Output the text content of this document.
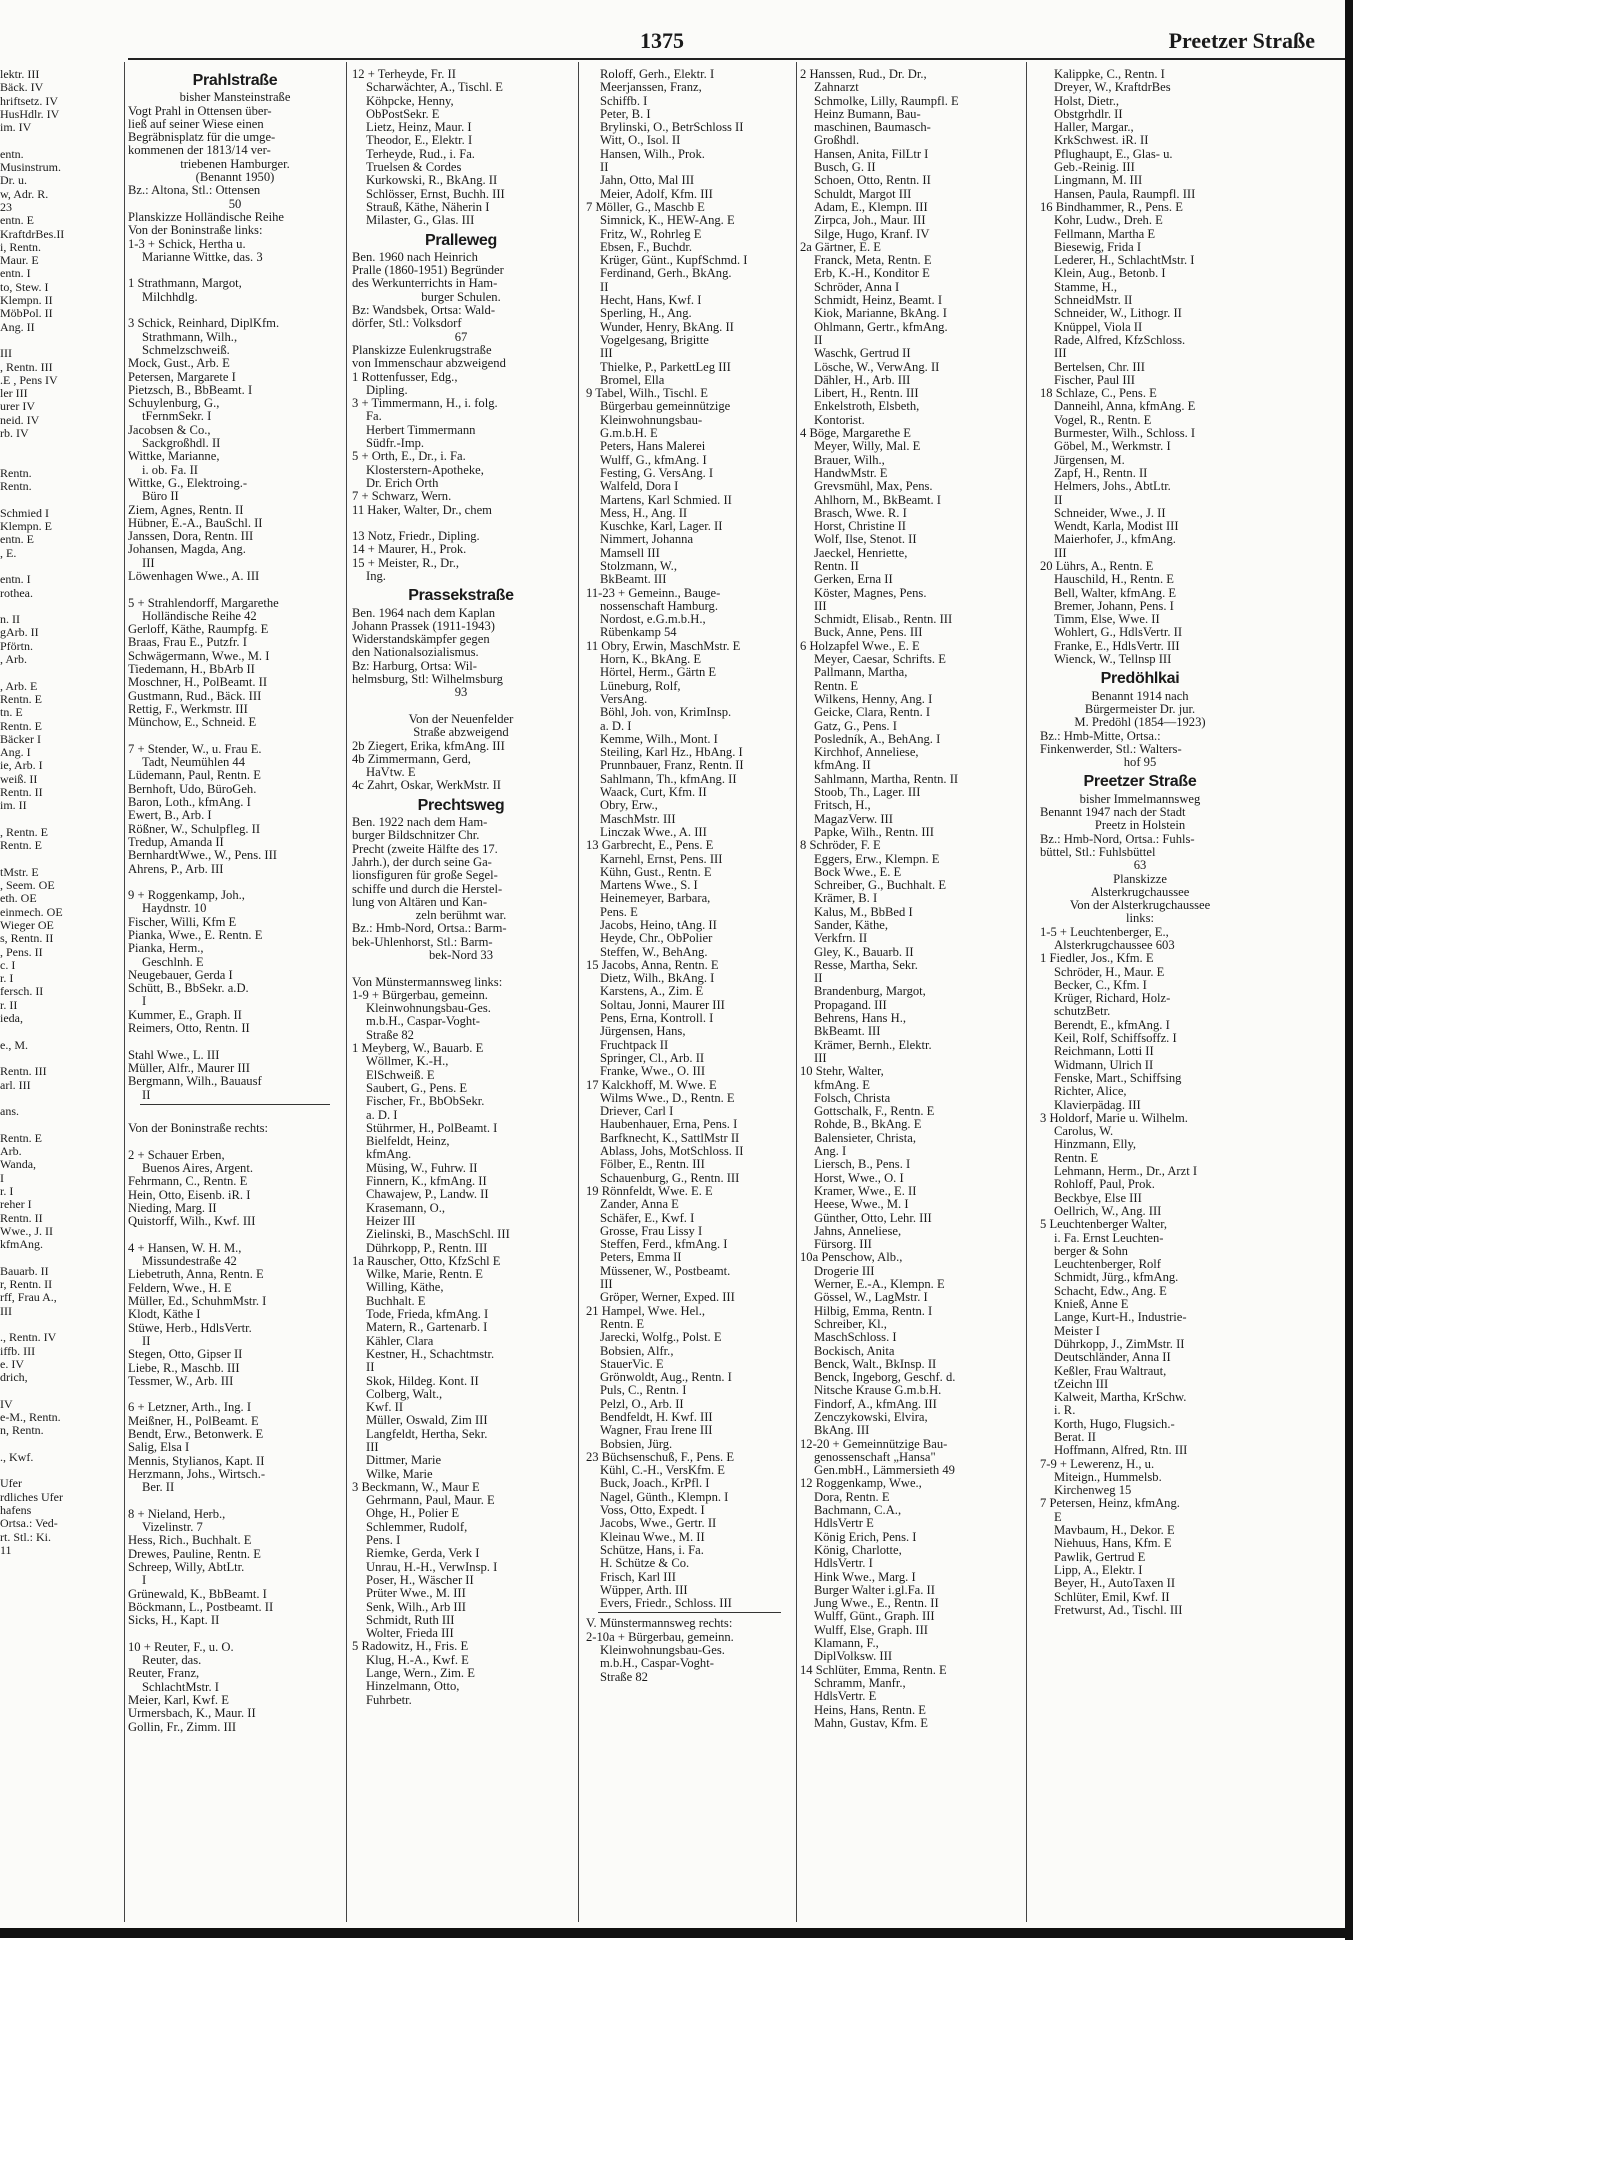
1375	Preetzer Straße
lektr. III
Bäck. IV
hriftsetz. IV
HusHdlr. IV
im. IV

entn.
Musinstrum.
Dr. u.
w, Adr. R.
23
entn. E
KraftdrBes.II
i, Rentn.
Maur. E
entn. I
to, Stew. I
Klempn. II
MöbPol. II
Ang. II

III
, Rentn. III
.E , Pens IV
ler III
urer IV
neid. IV
rb. IV

Rentn.
Rentn.

Schmied I
Klempn. E
entn. E
, E.

entn. I
rothea.

n. II
gArb. II
Pförtn.
, Arb.

, Arb. E
Rentn. E
tn. E
Rentn. E
Bäcker I
Ang. I
ie, Arb. I
weiß. II
Rentn. II
im. II

, Rentn. E
Rentn. E

tMstr. E
, Seem. OE
eth. OE
einmech. OE
Wieger OE
s, Rentn. II
, Pens. II
c. I
r. I
fersch. II
r. II
ieda,

e., M.

Rentn. III
arl. III

ans.

Rentn. E
Arb.
Wanda,
I
r. I
reher I
Rentn. II
Wwe., J. II
kfmAng.

Bauarb. II
r, Rentn. II
rff, Frau A.,
III

., Rentn. IV
iffb. III
e. IV
drich,

IV
e-M., Rentn.
n, Rentn.

., Kwf.

Ufer
rdliches Ufer
hafens
Ortsa.: Ved-
rt. Stl.: Ki.
11
Prahlstraße
bisher Mansteinstraße
Vogt Prahl in Ottensen über-
ließ auf seiner Wiese einen
Begräbnisplatz für die umge-
kommenen der 1813/14 ver-
triebenen Hamburger.
(Benannt 1950)
Bz.: Altona, Stl.: Ottensen
50
Planskizze Holländische Reihe
Von der Boninstraße links:
1-3 + Schick, Hertha u.
Marianne Wittke, das. 3

1 Strathmann, Margot,
Milchhdlg.

3 Schick, Reinhard, DiplKfm.
Strathmann, Wilh.,
Schmelzschweiß.
Mock, Gust., Arb. E
Petersen, Margarete I
Pietzsch, B., BbBeamt. I
Schuylenburg, G.,
tFernmSekr. I
Jacobsen & Co.,
Sackgroßhdl. II
Wittke, Marianne,
i. ob. Fa. II
Wittke, G., Elektroing.-
Büro II
Ziem, Agnes, Rentn. II
Hübner, E.-A., BauSchl. II
Janssen, Dora, Rentn. III
Johansen, Magda, Ang.
III
Löwenhagen Wwe., A. III

5 + Strahlendorff, Margarethe
Holländische Reihe 42
Gerloff, Käthe, Raumpfg. E
Braas, Frau E., Putzfr. I
Schwägermann, Wwe., M. I
Tiedemann, H., BbArb II
Moschner, H., PolBeamt. II
Gustmann, Rud., Bäck. III
Rettig, F., Werkmstr. III
Münchow, E., Schneid. E

7 + Stender, W., u. Frau E.
Tadt, Neumühlen 44
Lüdemann, Paul, Rentn. E
Bernhoft, Udo, BüroGeh.
Baron, Loth., kfmAng. I
Ewert, B., Arb. I
Rößner, W., Schulpfleg. II
Tredup, Amanda II
BernhardtWwe., W., Pens. III
Ahrens, P., Arb. III

9 + Roggenkamp, Joh.,
Haydnstr. 10
Fischer, Willi, Kfm E
Pianka, Wwe., E. Rentn. E
Pianka, Herm.,
Geschlnh. E
Neugebauer, Gerda I
Schütt, B., BbSekr. a.D.
I
Kummer, E., Graph. II
Reimers, Otto, Rentn. II

Stahl Wwe., L. III
Müller, Alfr., Maurer III
Bergmann, Wilh., Bauausf
II

Von der Boninstraße rechts:

2 + Schauer Erben,
Buenos Aires, Argent.
Fehrmann, C., Rentn. E
Hein, Otto, Eisenb. iR. I
Nieding, Marg. II
Quistorff, Wilh., Kwf. III

4 + Hansen, W. H. M.,
Missundestraße 42
Liebetruth, Anna, Rentn. E
Feldern, Wwe., H. E
Müller, Ed., SchuhmMstr. I
Klodt, Käthe I
Stüwe, Herb., HdlsVertr.
II
Stegen, Otto, Gipser II
Liebe, R., Maschb. III
Tessmer, W., Arb. III

6 + Letzner, Arth., Ing. I
Meißner, H., PolBeamt. E
Bendt, Erw., Betonwerk. E
Salig, Elsa I
Mennis, Stylianos, Kapt. II
Herzmann, Johs., Wirtsch.-
Ber. II

8 + Nieland, Herb.,
Vizelinstr. 7
Hess, Rich., Buchhalt. E
Drewes, Pauline, Rentn. E
Schreep, Willy, AbtLtr.
I
Grünewald, K., BbBeamt. I
Böckmann, L., Postbeamt. II
Sicks, H., Kapt. II

10 + Reuter, F., u. O.
Reuter, das.
Reuter, Franz,
SchlachtMstr. I
Meier, Karl, Kwf. E
Urmersbach, K., Maur. II
Gollin, Fr., Zimm. III
12 + Terheyde, Fr. II
Scharwächter, A., Tischl. E
Köhpcke, Henny,
ObPostSekr. E
Lietz, Heinz, Maur. I
Theodor, E., Elektr. I
Terheyde, Rud., i. Fa.
Truelsen & Cordes
Kurkowski, R., BkAng. II
Schlösser, Ernst, Buchh. III
Strauß, Käthe, Näherin I
Milaster, G., Glas. III
Pralleweg
Ben. 1960 nach Heinrich
Pralle (1860-1951) Begründer
des Werkunterrichts in Ham-
burger Schulen.
Bz: Wandsbek, Ortsa: Wald-
dörfer, Stl.: Volksdorf
67
Planskizze Eulenkrugstraße
von Immenschaur abzweigend
1 Rottenfusser, Edg.,
Dipling.
3 + Timmermann, H., i. folg.
Fa.
Herbert Timmermann
Südfr.-Imp.
5 + Orth, E., Dr., i. Fa.
Klosterstern-Apotheke,
Dr. Erich Orth
7 + Schwarz, Wern.
11 Haker, Walter, Dr., chem

13 Notz, Friedr., Dipling.
14 + Maurer, H., Prok.
15 + Meister, R., Dr.,
Ing.
Prassekstraße
Ben. 1964 nach dem Kaplan
Johann Prassek (1911-1943)
Widerstandskämpfer gegen
den Nationalsozialismus.
Bz: Harburg, Ortsa: Wil-
helmsburg, Stl: Wilhelmsburg
93

Von der Neuenfelder
Straße abzweigend
2b Ziegert, Erika, kfmAng. III
4b Zimmermann, Gerd,
HaVtw. E
4c Zahrt, Oskar, WerkMstr. II
Prechtsweg
Ben. 1922 nach dem Ham-
burger Bildschnitzer Chr.
Precht (zweite Hälfte des 17.
Jahrh.), der durch seine Ga-
lionsfiguren für große Segel-
schiffe und durch die Herstel-
lung von Altären und Kan-
zeln berühmt war.
Bz.: Hmb-Nord, Ortsa.: Barm-
bek-Uhlenhorst, Stl.: Barm-
bek-Nord 33

Von Münstermannsweg links:
1-9 + Bürgerbau, gemeinn.
Kleinwohnungsbau-Ges.
m.b.H., Caspar-Voght-
Straße 82
1 Meyberg, W., Bauarb. E
Wöllmer, K.-H.,
ElSchweiß. E
Saubert, G., Pens. E
Fischer, Fr., BbObSekr.
a. D. I
Stührmer, H., PolBeamt. I
Bielfeldt, Heinz,
kfmAng.
Müsing, W., Fuhrw. II
Finnern, K., kfmAng. II
Chawajew, P., Landw. II
Krasemann, O.,
Heizer III
Zielinski, B., MaschSchl. III
Dührkopp, P., Rentn. III
1a Rauscher, Otto, KfzSchl E
Wilke, Marie, Rentn. E
Willing, Käthe,
Buchhalt. E
Tode, Frieda, kfmAng. I
Matern, R., Gartenarb. I
Kähler, Clara
Kestner, H., Schachtmstr.
II
Skok, Hildeg. Kont. II
Colberg, Walt.,
Kwf. II
Müller, Oswald, Zim III
Langfeldt, Hertha, Sekr.
III
Dittmer, Marie
Wilke, Marie
3 Beckmann, W., Maur E
Gehrmann, Paul, Maur. E
Ohge, H., Polier E
Schlemmer, Rudolf,
Pens. I
Riemke, Gerda, Verk I
Unrau, H.-H., VerwInsp. I
Poser, H., Wäscher II
Prüter Wwe., M. III
Senk, Wilh., Arb III
Schmidt, Ruth III
Wolter, Frieda III
5 Radowitz, H., Fris. E
Klug, H.-A., Kwf. E
Lange, Wern., Zim. E
Hinzelmann, Otto,
Fuhrbetr.
Roloff, Gerh., Elektr. I
Meerjanssen, Franz,
Schiffb. I
Peter, B. I
Brylinski, O., BetrSchloss II
Witt, O., Isol. II
Hansen, Wilh., Prok.
II
Jahn, Otto, Mal III
Meier, Adolf, Kfm. III
7 Möller, G., Maschb E
Simnick, K., HEW-Ang. E
Fritz, W., Rohrleg E
Ebsen, F., Buchdr.
Krüger, Günt., KupfSchmd. I
Ferdinand, Gerh., BkAng.
II
Hecht, Hans, Kwf. I
Sperling, H., Ang.
Wunder, Henry, BkAng. II
Vogelgesang, Brigitte
III
Thielke, P., ParkettLeg III
Bromel, Ella
9 Tabel, Wilh., Tischl. E
Bürgerbau gemeinnützige
Kleinwohnungsbau-
G.m.b.H. E
Peters, Hans Malerei
Wulff, G., kfmAng. I
Festing, G. VersAng. I
Walfeld, Dora I
Martens, Karl Schmied. II
Mess, H., Ang. II
Kuschke, Karl, Lager. II
Nimmert, Johanna
Mamsell III
Stolzmann, W.,
BkBeamt. III
11-23 + Gemeinn., Bauge-
nossenschaft Hamburg.
Nordost, e.G.m.b.H.,
Rübenkamp 54
11 Obry, Erwin, MaschMstr. E
Horn, K., BkAng. E
Hörtel, Herm., Gärtn E
Lüneburg, Rolf,
VersAng.
Böhl, Joh. von, KrimInsp.
a. D. I
Kemme, Wilh., Mont. I
Steiling, Karl Hz., HbAng. I
Prunnbauer, Franz, Rentn. II
Sahlmann, Th., kfmAng. II
Waack, Curt, Kfm. II
Obry, Erw.,
MaschMstr. III
Linczak Wwe., A. III
13 Garbrecht, E., Pens. E
Karnehl, Ernst, Pens. III
Kühn, Gust., Rentn. E
Martens Wwe., S. I
Heinemeyer, Barbara,
Pens. E
Jacobs, Heino, tAng. II
Heyde, Chr., ObPolier
Steffen, W., BehAng.
15 Jacobs, Anna, Rentn. E
Dietz, Wilh., BkAng. I
Karstens, A., Zim. E
Soltau, Jonni, Maurer III
Pens, Erna, Kontroll. I
Jürgensen, Hans,
Fruchtpack II
Springer, Cl., Arb. II
Franke, Wwe., O. III
17 Kalckhoff, M. Wwe. E
Wilms Wwe., D., Rentn. E
Driever, Carl I
Haubenhauer, Erna, Pens. I
Barfknecht, K., SattlMstr II
Ablass, Johs, MotSchloss. II
Fölber, E., Rentn. III
Schauenburg, G., Rentn. III
19 Rönnfeldt, Wwe. E. E
Zander, Anna E
Schäfer, E., Kwf. I
Grosse, Frau Lissy I
Steffen, Ferd., kfmAng. I
Peters, Emma II
Müssener, W., Postbeamt.
III
Gröper, Werner, Exped. III
21 Hampel, Wwe. Hel.,
Rentn. E
Jarecki, Wolfg., Polst. E
Bobsien, Alfr.,
StauerVic. E
Grönwoldt, Aug., Rentn. I
Puls, C., Rentn. I
Pelzl, O., Arb. II
Bendfeldt, H. Kwf. III
Wagner, Frau Irene III
Bobsien, Jürg.
23 Büchsenschuß, F., Pens. E
Kühl, C.-H., VersKfm. E
Buck, Joach., KrPfl. I
Nagel, Günth., Klempn. I
Voss, Otto, Expedt. I
Jacobs, Wwe., Gertr. II
Kleinau Wwe., M. II
Schütze, Hans, i. Fa.
H. Schütze & Co.
Frisch, Karl III
Wüpper, Arth. III
Evers, Friedr., Schloss. III
V. Münstermannsweg rechts:
2-10a + Bürgerbau, gemeinn.
Kleinwohnungsbau-Ges.
m.b.H., Caspar-Voght-
Straße 82
2 Hanssen, Rud., Dr. Dr.,
Zahnarzt
Schmolke, Lilly, Raumpfl. E
Heinz Bumann, Bau-
maschinen, Baumasch-
Großhdl.
Hansen, Anita, FilLtr I
Busch, G. II
Schoen, Otto, Rentn. II
Schuldt, Margot III
Adam, E., Klempn. III
Zirpca, Joh., Maur. III
Silge, Hugo, Kranf. IV
2a Gärtner, E. E
Franck, Meta, Rentn. E
Erb, K.-H., Konditor E
Schröder, Anna I
Schmidt, Heinz, Beamt. I
Kiok, Marianne, BkAng. I
Ohlmann, Gertr., kfmAng.
II
Waschk, Gertrud II
Lösche, W., VerwAng. II
Dähler, H., Arb. III
Libert, H., Rentn. III
Enkelstroth, Elsbeth,
Kontorist.
4 Böge, Margarethe E
Meyer, Willy, Mal. E
Brauer, Wilh.,
HandwMstr. E
Grevsmühl, Max, Pens.
Ahlhorn, M., BkBeamt. I
Brasch, Wwe. R. I
Horst, Christine II
Wolf, Ilse, Stenot. II
Jaeckel, Henriette,
Rentn. II
Gerken, Erna II
Köster, Magnes, Pens.
III
Schmidt, Elisab., Rentn. III
Buck, Anne, Pens. III
6 Holzapfel Wwe., E. E
Meyer, Caesar, Schrifts. E
Pallmann, Martha,
Rentn. E
Wilkens, Henny, Ang. I
Geicke, Clara, Rentn. I
Gatz, G., Pens. I
Posledník, A., BehAng. I
Kirchhof, Anneliese,
kfmAng. II
Sahlmann, Martha, Rentn. II
Stoob, Th., Lager. III
Fritsch, H.,
MagazVerw. III
Papke, Wilh., Rentn. III
8 Schröder, F. E
Eggers, Erw., Klempn. E
Bock Wwe., E. E
Schreiber, G., Buchhalt. E
Krämer, B. I
Kalus, M., BbBed I
Sander, Käthe,
Verkfrn. II
Gley, K., Bauarb. II
Resse, Martha, Sekr.
II
Brandenburg, Margot,
Propagand. III
Behrens, Hans H.,
BkBeamt. III
Krämer, Bernh., Elektr.
III
10 Stehr, Walter,
kfmAng. E
Folsch, Christa
Gottschalk, F., Rentn. E
Rohde, B., BkAng. E
Balensieter, Christa,
Ang. I
Liersch, B., Pens. I
Horst, Wwe., O. I
Kramer, Wwe., E. II
Heese, Wwe., M. I
Günther, Otto, Lehr. III
Jahns, Anneliese,
Fürsorg. III
10a Penschow, Alb.,
Drogerie III
Werner, E.-A., Klempn. E
Gössel, W., LagMstr. I
Hilbig, Emma, Rentn. I
Schreiber, Kl.,
MaschSchloss. I
Bockisch, Anita
Benck, Walt., BkInsp. II
Benck, Ingeborg, Geschf. d.
Nitsche Krause G.m.b.H.
Findorf, A., kfmAng. III
Zenczykowski, Elvira,
BkAng. III
12-20 + Gemeinnützige Bau-
genossenschaft „Hansa"
Gen.mbH., Lämmersieth 49
12 Roggenkamp, Wwe.,
Dora, Rentn. E
Bachmann, C.A.,
HdlsVertr E
König Erich, Pens. I
König, Charlotte,
HdlsVertr. I
Hink Wwe., Marg. I
Burger Walter i.gl.Fa. II
Jung Wwe., E., Rentn. II
Wulff, Günt., Graph. III
Wulff, Else, Graph. III
Klamann, F.,
DiplVolksw. III
14 Schlüter, Emma, Rentn. E
Schramm, Manfr.,
HdlsVertr. E
Heins, Hans, Rentn. E
Mahn, Gustav, Kfm. E
Kalippke, C., Rentn. I
Dreyer, W., KraftdrBes
Holst, Dietr.,
Obstgrhdlr. II
Haller, Margar.,
KrkSchwest. iR. II
Pflughaupt, E., Glas- u.
Geb.-Reinig. III
Lingmann, M. III
Hansen, Paula, Raumpfl. III
16 Bindhammer, R., Pens. E
Kohr, Ludw., Dreh. E
Fellmann, Martha E
Biesewig, Frida I
Lederer, H., SchlachtMstr. I
Klein, Aug., Betonb. I
Stamme, H.,
SchneidMstr. II
Schneider, W., Lithogr. II
Knüppel, Viola II
Rade, Alfred, KfzSchloss.
III
Bertelsen, Chr. III
Fischer, Paul III
18 Schlaze, C., Pens. E
Danneihl, Anna, kfmAng. E
Vogel, R., Rentn. E
Burmester, Wilh., Schloss. I
Göbel, M., Werkmstr. I
Jürgensen, M.
Zapf, H., Rentn. II
Helmers, Johs., AbtLtr.
II
Schneider, Wwe., J. II
Wendt, Karla, Modist III
Maierhofer, J., kfmAng.
III
20 Lührs, A., Rentn. E
Hauschild, H., Rentn. E
Bell, Walter, kfmAng. E
Bremer, Johann, Pens. I
Timm, Else, Wwe. II
Wohlert, G., HdlsVertr. II
Franke, E., HdlsVertr. III
Wienck, W., Tellnsp III
Predöhlkai
Benannt 1914 nach
Bürgermeister Dr. jur.
M. Predöhl (1854—1923)
Bz.: Hmb-Mitte, Ortsa.:
Finkenwerder, Stl.: Walters-
hof 95
Preetzer Straße
bisher Immelmannsweg
Benannt 1947 nach der Stadt
Preetz in Holstein
Bz.: Hmb-Nord, Ortsa.: Fuhls-
büttel, Stl.: Fuhlsbüttel
63
Planskizze
Alsterkrugchaussee
Von der Alsterkrugchaussee
links:
1-5 + Leuchtenberger, E.,
Alsterkrugchaussee 603
1 Fiedler, Jos., Kfm. E
Schröder, H., Maur. E
Becker, C., Kfm. I
Krüger, Richard, Holz-
schutzBetr.
Berendt, E., kfmAng. I
Keil, Rolf, Schiffsoffz. I
Reichmann, Lotti II
Widmann, Ulrich II
Fenske, Mart., Schiffsing
Richter, Alice,
Klavierpädag. III
3 Holdorf, Marie u. Wilhelm.
Carolus, W.
Hinzmann, Elly,
Rentn. E
Lehmann, Herm., Dr., Arzt I
Rohloff, Paul, Prok.
Beckbye, Else III
Oellrich, W., Ang. III
5 Leuchtenberger Walter,
i. Fa. Ernst Leuchten-
berger & Sohn
Leuchtenberger, Rolf
Schmidt, Jürg., kfmAng.
Schacht, Edw., Ang. E
Knieß, Anne E
Lange, Kurt-H., Industrie-
Meister I
Dührkopp, J., ZimMstr. II
Deutschländer, Anna II
Keßler, Frau Waltraut,
tZeichn III
Kalweit, Martha, KrSchw.
i. R.
Korth, Hugo, Flugsich.-
Berat. II
Hoffmann, Alfred, Rtn. III
7-9 + Lewerenz, H., u.
Miteign., Hummelsb.
Kirchenweg 15
7 Petersen, Heinz, kfmAng.
E
Mavbaum, H., Dekor. E
Niehuus, Hans, Kfm. E
Pawlik, Gertrud E
Lipp, A., Elektr. I
Beyer, H., AutoTaxen II
Schlüter, Emil, Kwf. II
Fretwurst, Ad., Tischl. III
